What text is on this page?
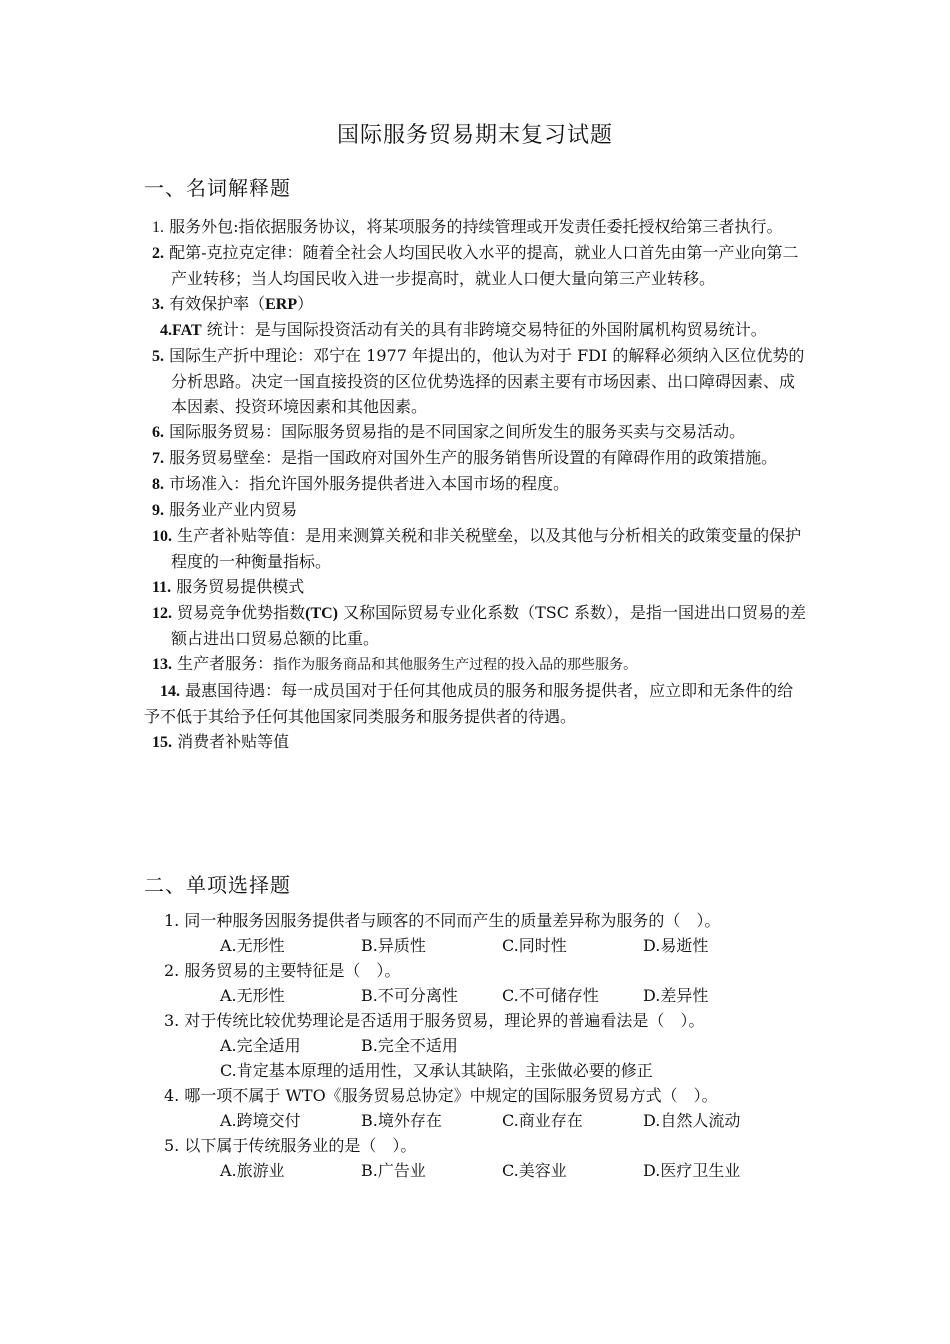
国际服务贸易期末复习试题
一、名词解释题

1. 服务外包:指依据服务协议，将某项服务的持续管理或开发责任委托授权给第三者执行。

2. 配第-克拉克定律：随着全社会人均国民收入水平的提高，就业人口首先由第一产业向第二产业转移；当人均国民收入进一步提高时，就业人口便大量向第三产业转移。

3. 有效保护率（ERP）

4.FAT 统计：是与国际投资活动有关的具有非跨境交易特征的外国附属机构贸易统计。

5. 国际生产折中理论：邓宁在 1977 年提出的，他认为对于 FDI 的解释必须纳入区位优势的分析思路。决定一国直接投资的区位优势选择的因素主要有市场因素、出口障碍因素、成本因素、投资环境因素和其他因素。

6. 国际服务贸易：国际服务贸易指的是不同国家之间所发生的服务买卖与交易活动。

7. 服务贸易壁垒：是指一国政府对国外生产的服务销售所设置的有障碍作用的政策措施。

8. 市场准入：指允许国外服务提供者进入本国市场的程度。

9. 服务业产业内贸易

10. 生产者补贴等值：是用来测算关税和非关税壁垒，以及其他与分析相关的政策变量的保护程度的一种衡量指标。

11. 服务贸易提供模式

12. 贸易竞争优势指数(TC) 又称国际贸易专业化系数（TSC 系数），是指一国进出口贸易的差额占进出口贸易总额的比重。

13. 生产者服务：指作为服务商品和其他服务生产过程的投入品的那些服务。

14. 最惠国待遇：每一成员国对于任何其他成员的服务和服务提供者，应立即和无条件的给予不低于其给予任何其他国家同类服务和服务提供者的待遇。

15. 消费者补贴等值

二、单项选择题

1. 同一种服务因服务提供者与顾客的不同而产生的质量差异称为服务的（　）。

A.无形性	B.异质性	C.同时性	D.易逝性

2. 服务贸易的主要特征是（　）。

A.无形性	B.不可分离性	C.不可储存性	D.差异性

3. 对于传统比较优势理论是否适用于服务贸易，理论界的普遍看法是（　）。

A.完全适用	B.完全不适用

C.肯定基本原理的适用性，又承认其缺陷，主张做必要的修正

4. 哪一项不属于 WTO《服务贸易总协定》中规定的国际服务贸易方式（　）。

A.跨境交付	B.境外存在	C.商业存在	D.自然人流动

5. 以下属于传统服务业的是（　）。

A.旅游业	B.广告业	C.美容业	D.医疗卫生业
